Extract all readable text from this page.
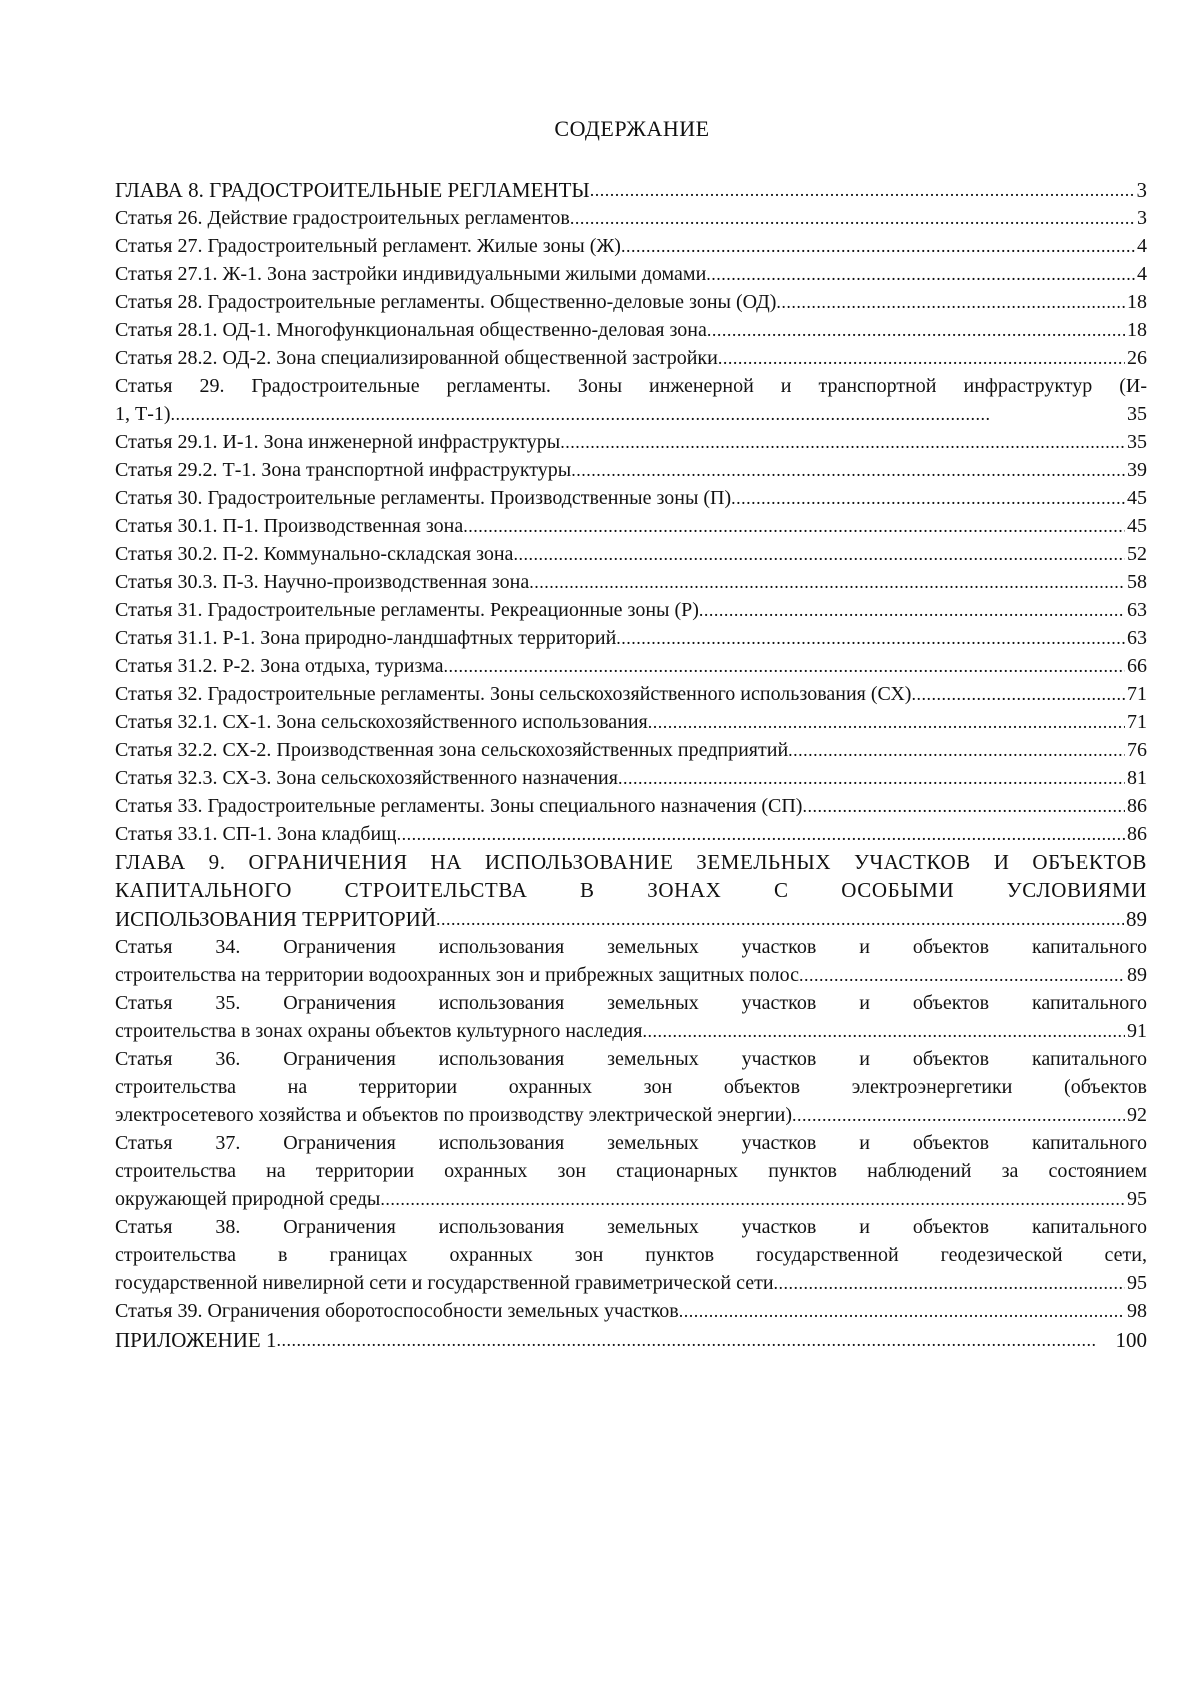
СОДЕРЖАНИЕ
ГЛАВА 8. ГРАДОСТРОИТЕЛЬНЫЕ РЕГЛАМЕНТЫ . . .	3
Статья 26. Действие градостроительных регламентов . . .	3
Статья 27. Градостроительный регламент. Жилые зоны (Ж) . . .	4
Статья 27.1. Ж-1. Зона застройки индивидуальными жилыми домами . . .	4
Статья 28. Градостроительные регламенты. Общественно-деловые зоны (ОД) . . .	18
Статья 28.1. ОД-1. Многофункциональная общественно-деловая зона . . .	18
Статья 28.2. ОД-2. Зона специализированной общественной застройки . . .	26
Статья 29. Градостроительные регламенты. Зоны инженерной и транспортной инфраструктур (И-
1, Т-1) . . .	35
Статья 29.1. И-1. Зона инженерной инфраструктуры . . .	35
Статья 29.2. Т-1. Зона транспортной инфраструктуры . . .	39
Статья 30. Градостроительные регламенты. Производственные зоны (П) . . .	45
Статья 30.1. П-1. Производственная зона . . .	45
Статья 30.2. П-2. Коммунально-складская зона . . .	52
Статья 30.3. П-3. Научно-производственная зона . . .	58
Статья 31. Градостроительные регламенты. Рекреационные зоны (Р) . . .	63
Статья 31.1. Р-1. Зона природно-ландшафтных территорий . . .	63
Статья 31.2. Р-2. Зона отдыха, туризма . . .	66
Статья 32. Градостроительные регламенты. Зоны сельскохозяйственного использования (СХ) . . .	71
Статья 32.1. СХ-1. Зона сельскохозяйственного использования . . .	71
Статья 32.2. СХ-2. Производственная зона сельскохозяйственных предприятий . . .	76
Статья 32.3. СХ-3. Зона сельскохозяйственного назначения . . .	81
Статья 33. Градостроительные регламенты. Зоны специального назначения (СП) . . .	86
Статья 33.1. СП-1. Зона кладбищ . . .	86
ГЛАВА 9. ОГРАНИЧЕНИЯ НА ИСПОЛЬЗОВАНИЕ ЗЕМЕЛЬНЫХ УЧАСТКОВ И ОБЪЕКТОВ
КАПИТАЛЬНОГО СТРОИТЕЛЬСТВА В ЗОНАХ С ОСОБЫМИ УСЛОВИЯМИ
ИСПОЛЬЗОВАНИЯ ТЕРРИТОРИЙ . . .	89
Статья 34. Ограничения использования земельных участков и объектов капитального
строительства на территории водоохранных зон и прибрежных защитных полос . . .	89
Статья 35. Ограничения использования земельных участков и объектов капитального
строительства в зонах охраны объектов культурного наследия . . .	91
Статья 36. Ограничения использования земельных участков и объектов капитального
строительства на территории охранных зон объектов электроэнергетики (объектов
электросетевого хозяйства и объектов по производству электрической энергии) . . .	92
Статья 37. Ограничения использования земельных участков и объектов капитального
строительства на территории охранных зон стационарных пунктов наблюдений за состоянием
окружающей природной среды . . .	95
Статья 38. Ограничения использования земельных участков и объектов капитального
строительства в границах охранных зон пунктов государственной геодезической сети,
государственной нивелирной сети и государственной гравиметрической сети . . .	95
Статья 39. Ограничения оборотоспособности земельных участков . . .	98
ПРИЛОЖЕНИЕ 1 . . .	100
